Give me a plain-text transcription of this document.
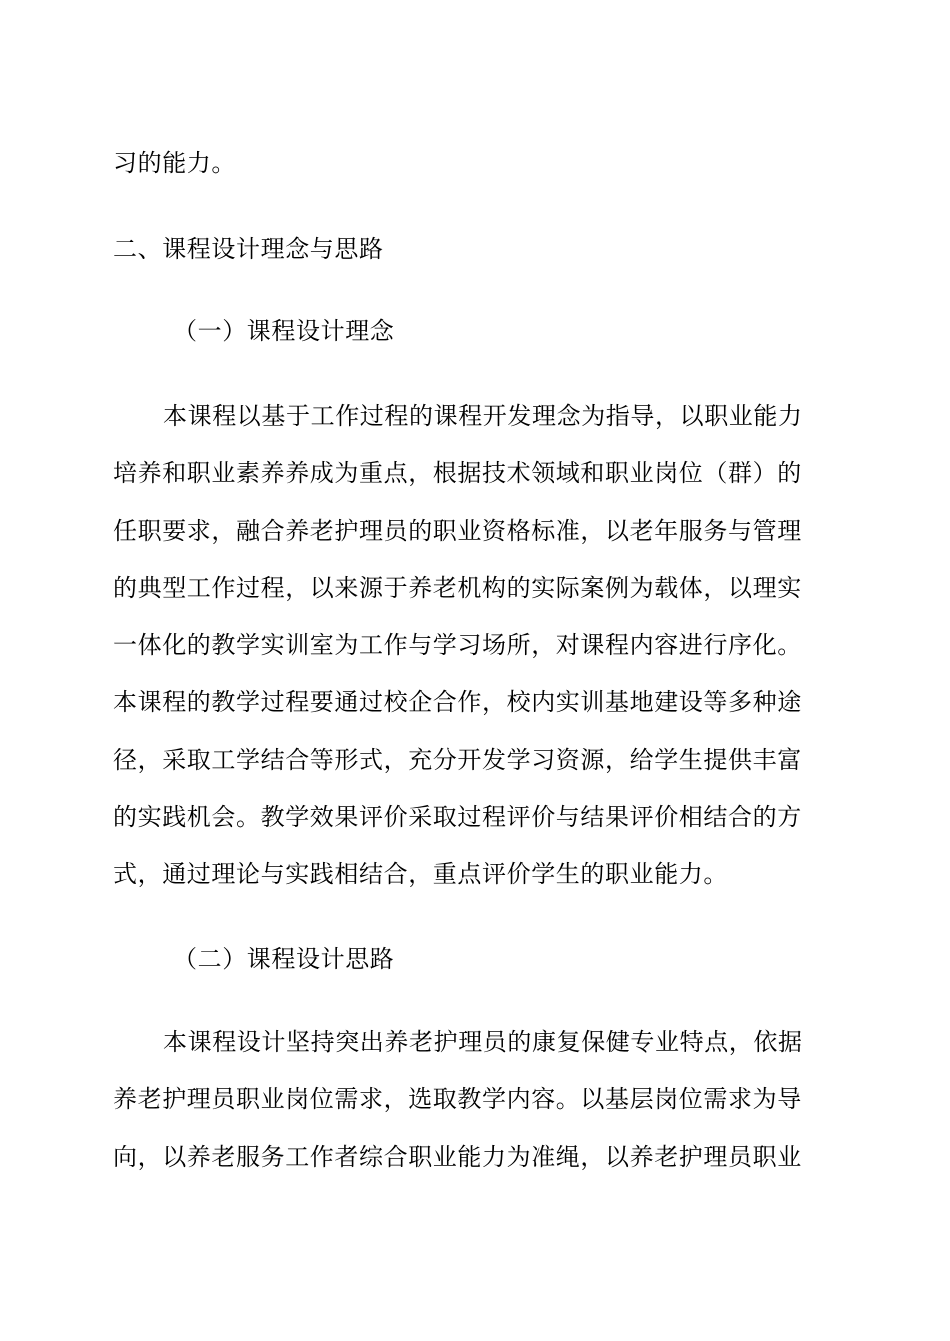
习的能力。
二、课程设计理念与思路
（一）课程设计理念
本课程以基于工作过程的课程开发理念为指导，以职业能力
培养和职业素养养成为重点，根据技术领域和职业岗位（群）的
任职要求，融合养老护理员的职业资格标准，以老年服务与管理
的典型工作过程，以来源于养老机构的实际案例为载体，以理实
一体化的教学实训室为工作与学习场所，对课程内容进行序化。
本课程的教学过程要通过校企合作，校内实训基地建设等多种途
径，采取工学结合等形式，充分开发学习资源，给学生提供丰富
的实践机会。教学效果评价采取过程评价与结果评价相结合的方
式，通过理论与实践相结合，重点评价学生的职业能力。
（二）课程设计思路
本课程设计坚持突出养老护理员的康复保健专业特点，依据
养老护理员职业岗位需求，选取教学内容。以基层岗位需求为导
向，以养老服务工作者综合职业能力为准绳，以养老护理员职业
